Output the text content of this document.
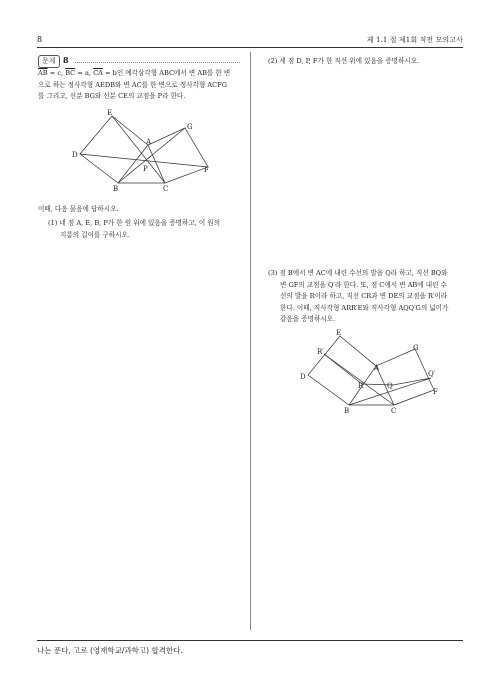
8	제 1.1 절 제1회 직전 모의고사
문제 8
$\overline{AB} = c$, $\overline{BC} = a$, $\overline{CA} = b$인 예각삼각형 ABC에서 변 AB를 한 변
으로 하는 정사각형 AEDB와 변 AC를 한 변으로 정사각형 ACFG
를 그리고, 선분 BG와 선분 CE의 교점을 P라 한다.
E
G
D
A
P	F
B	C
이때, 다음 물음에 답하시오.
(1) 네 점 A, E, B, P가 한 원 위에 있음을 증명하고, 이 원의
지름의 길이를 구하시오.
(2) 세 점 D, P, F가 한 직선 위에 있음을 증명하시오.
(3) 점 B에서 변 AC에 내린 수선의 발을 Q라 하고, 직선 BQ와
변 GF의 교점을 Q′라 한다. 또, 점 C에서 변 AB에 내린 수
선의 발을 R이라 하고, 직선 CR과 변 DE의 교점을 R′이라
한다. 이때, 직사각형 ARR′E와 직사각형 AQQ′G의 넓이가
같음을 증명하시오.
E
R′	G
A
Q′
D
R	Q
F
B	C
나는 푼다, 고로 (영재학교/과학고) 합격한다.
